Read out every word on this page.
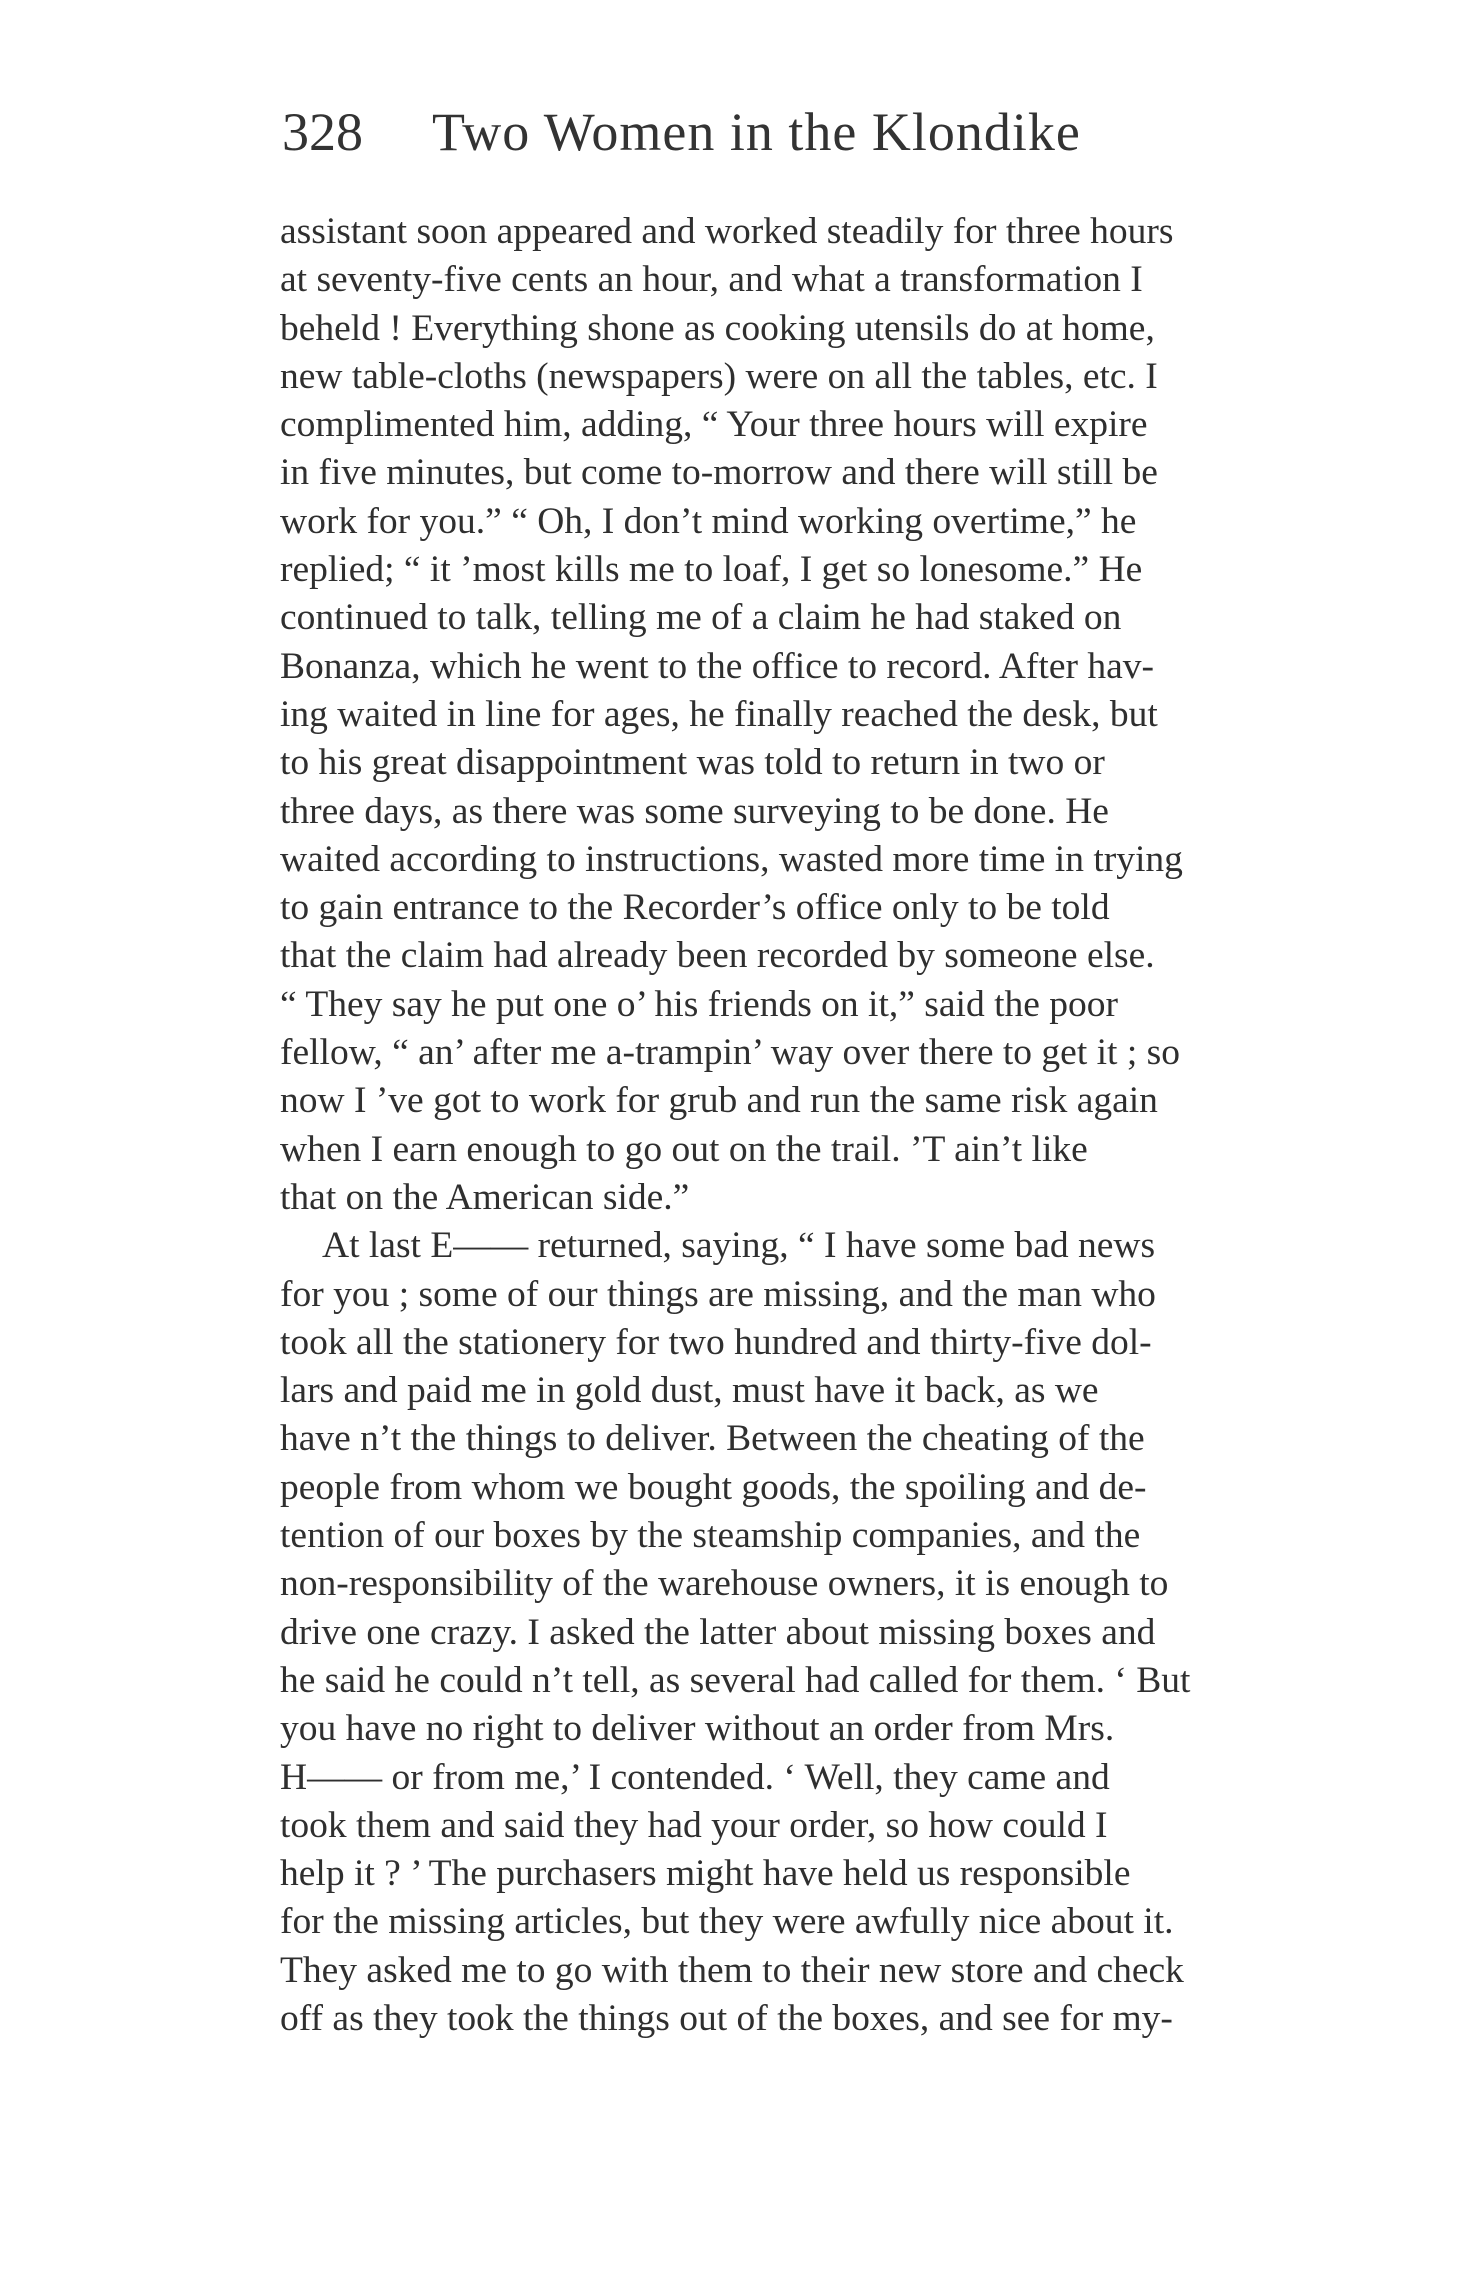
328 Two Women in the Klondike
assistant soon appeared and worked steadily for three hours
at seventy-five cents an hour, and what a transformation I
beheld ! Everything shone as cooking utensils do at home,
new table-cloths (newspapers) were on all the tables, etc. I
complimented him, adding, “ Your three hours will expire
in five minutes, but come to-morrow and there will still be
work for you.” “ Oh, I don’t mind working overtime,” he
replied; “ it ’most kills me to loaf, I get so lonesome.” He
continued to talk, telling me of a claim he had staked on
Bonanza, which he went to the office to record. After hav-
ing waited in line for ages, he finally reached the desk, but
to his great disappointment was told to return in two or
three days, as there was some surveying to be done. He
waited according to instructions, wasted more time in trying
to gain entrance to the Recorder’s office only to be told
that the claim had already been recorded by someone else.
“ They say he put one o’ his friends on it,” said the poor
fellow, “ an’ after me a-trampin’ way over there to get it ; so
now I ’ve got to work for grub and run the same risk again
when I earn enough to go out on the trail. ’T ain’t like
that on the American side.”
At last E—— returned, saying, “ I have some bad news
for you ; some of our things are missing, and the man who
took all the stationery for two hundred and thirty-five dol-
lars and paid me in gold dust, must have it back, as we
have n’t the things to deliver. Between the cheating of the
people from whom we bought goods, the spoiling and de-
tention of our boxes by the steamship companies, and the
non-responsibility of the warehouse owners, it is enough to
drive one crazy. I asked the latter about missing boxes and
he said he could n’t tell, as several had called for them. ‘ But
you have no right to deliver without an order from Mrs.
H—— or from me,’ I contended. ‘ Well, they came and
took them and said they had your order, so how could I
help it ? ’ The purchasers might have held us responsible
for the missing articles, but they were awfully nice about it.
They asked me to go with them to their new store and check
off as they took the things out of the boxes, and see for my-
